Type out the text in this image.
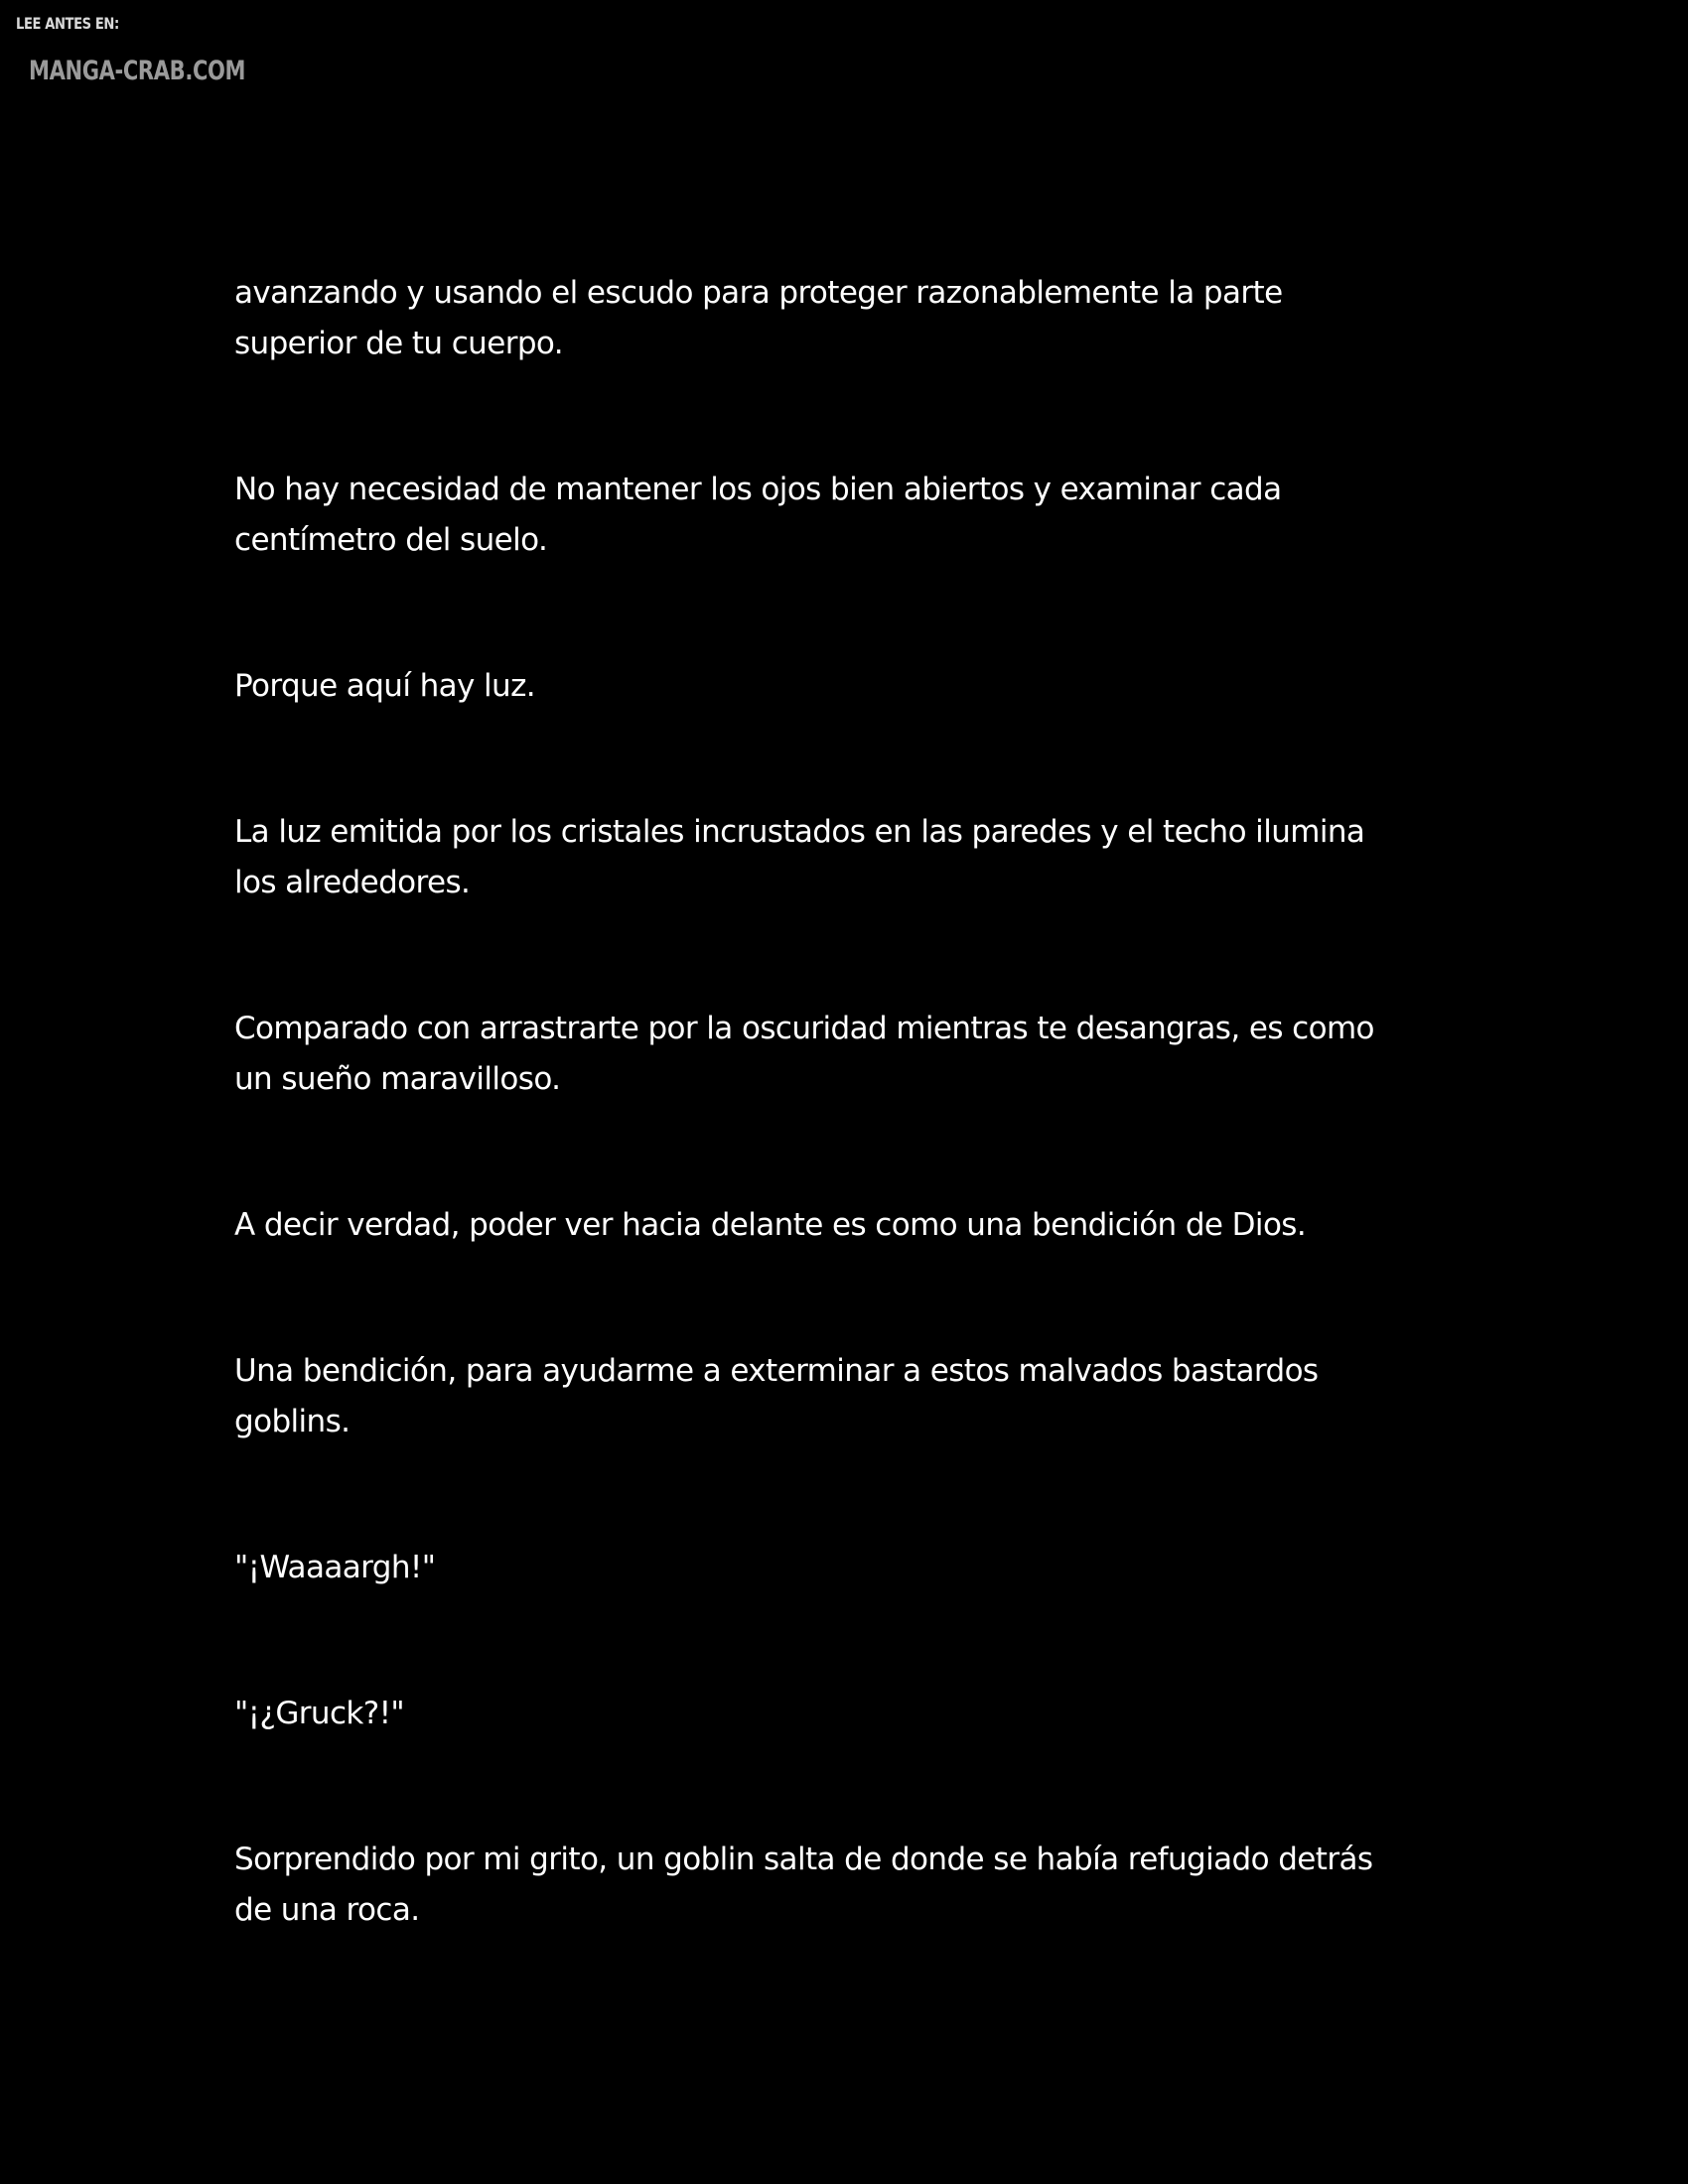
LEE ANTES EN:
MANGA-CRAB.COM

avanzando y usando el escudo para proteger razonablemente la parte
superior de tu cuerpo.

No hay necesidad de mantener los ojos bien abiertos y examinar cada
centímetro del suelo.

Porque aquí hay luz.

La luz emitida por los cristales incrustados en las paredes y el techo ilumina
los alrededores.

Comparado con arrastrarte por la oscuridad mientras te desangras, es como
un sueño maravilloso.

A decir verdad, poder ver hacia delante es como una bendición de Dios.

Una bendición, para ayudarme a exterminar a estos malvados bastardos
goblins.

"¡Waaaargh!"

"¡¿Gruck?!"

Sorprendido por mi grito, un goblin salta de donde se había refugiado detrás
de una roca.
